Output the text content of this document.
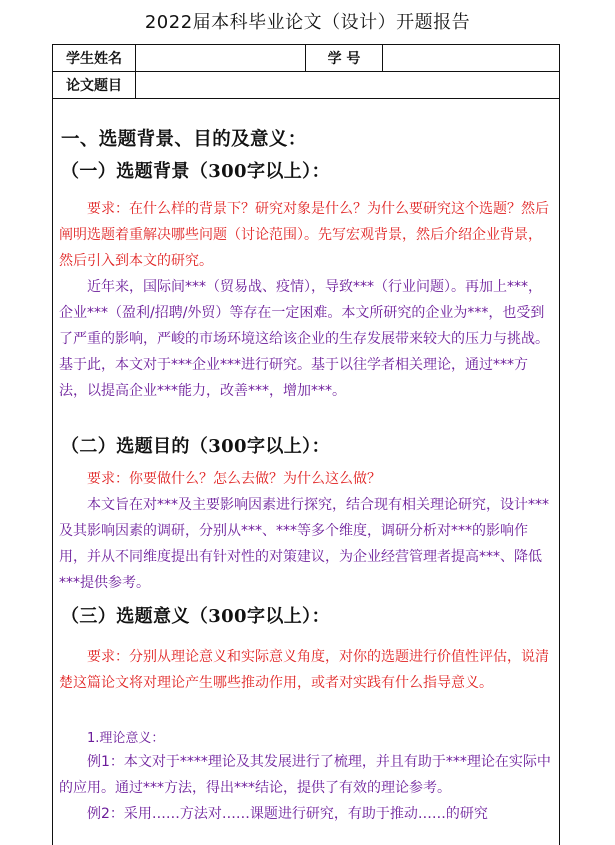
2022届本科毕业论文（设计）开题报告
学生姓名	学 号
论文题目
一、选题背景、目的及意义：
（一）选题背景（300字以上）：

要求：在什么样的背景下？研究对象是什么？为什么要研究这个选题？然后阐明选题着重解决哪些问题（讨论范围）。先写宏观背景，然后介绍企业背景，然后引入到本文的研究。

近年来，国际间***（贸易战、疫情），导致***（行业问题）。再加上***，企业***（盈利/招聘/外贸）等存在一定困难。本文所研究的企业为***，也受到了严重的影响，严峻的市场环境这给该企业的生存发展带来较大的压力与挑战。基于此，本文对于***企业***进行研究。基于以往学者相关理论，通过***方法，以提高企业***能力，改善***，增加***。

（二）选题目的（300字以上）：

要求：你要做什么？怎么去做？为什么这么做？

本文旨在对***及主要影响因素进行探究，结合现有相关理论研究，设计***及其影响因素的调研，分别从***、***等多个维度，调研分析对***的影响作用，并从不同维度提出有针对性的对策建议，为企业经营管理者提高***、降低***提供参考。

（三）选题意义（300字以上）：

要求：分别从理论意义和实际意义角度，对你的选题进行价值性评估，说清楚这篇论文将对理论产生哪些推动作用，或者对实践有什么指导意义。

1.理论意义：

例1：本文对于****理论及其发展进行了梳理，并且有助于***理论在实际中的应用。通过***方法，得出***结论，提供了有效的理论参考。

例2：采用……方法对……课题进行研究，有助于推动……的研究
